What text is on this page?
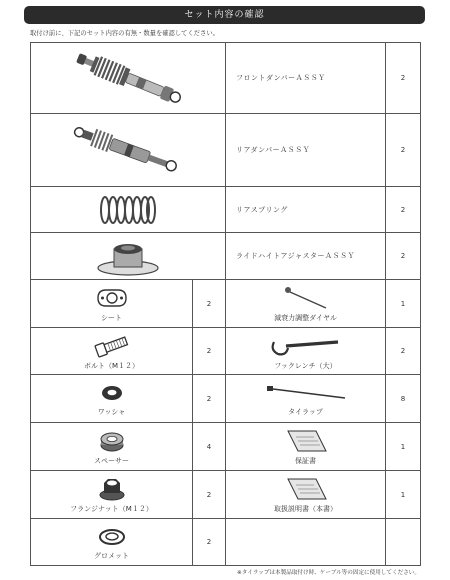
セット内容の確認
取付け前に、下記のセット内容の有無・数量を確認してください。
	フロントダンパーＡＳＳＹ	2

	リアダンパーＡＳＳＹ	2

	リアスプリング	2

	ライドハイトアジャスターＡＳＳＹ	2

シート	2	減衰力調整ダイヤル	1

ボルト（M１２）	2	フックレンチ（大）	2

ワッシャ	2	タイラップ	8

スペーサー	4	保証書	1

フランジナット（M１２）	2	取扱説明書（本書）	1

グロメット	2		
※タイラップは本製品取付け時、ケーブル等の固定に使用してください。
